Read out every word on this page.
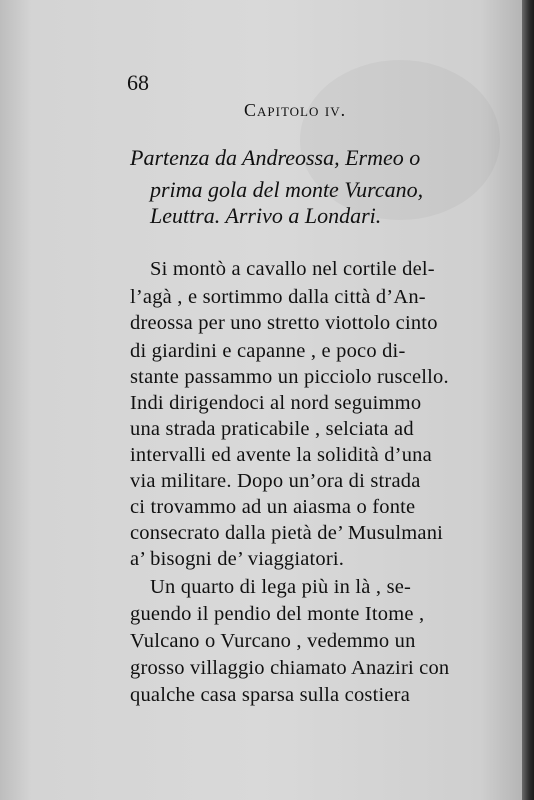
68
Capitolo iv.
Partenza da Andreossa, Ermeo o
prima gola del monte Vurcano,
Leuttra. Arrivo a Londari.
Si montò a cavallo nel cortile del-
l’agà , e sortimmo dalla città d’An-
dreossa per uno stretto viottolo cinto
di giardini e capanne , e poco di-
stante passammo un picciolo ruscello.
Indi dirigendoci al nord seguimmo
una strada praticabile , selciata ad
intervalli ed avente la solidità d’una
via militare. Dopo un’ora di strada
ci trovammo ad un aiasma o fonte
consecrato dalla pietà de’ Musulmani
a’ bisogni de’ viaggiatori.
Un quarto di lega più in là , se-
guendo il pendio del monte Itome ,
Vulcano o Vurcano , vedemmo un
grosso villaggio chiamato Anaziri con
qualche casa sparsa sulla costiera
